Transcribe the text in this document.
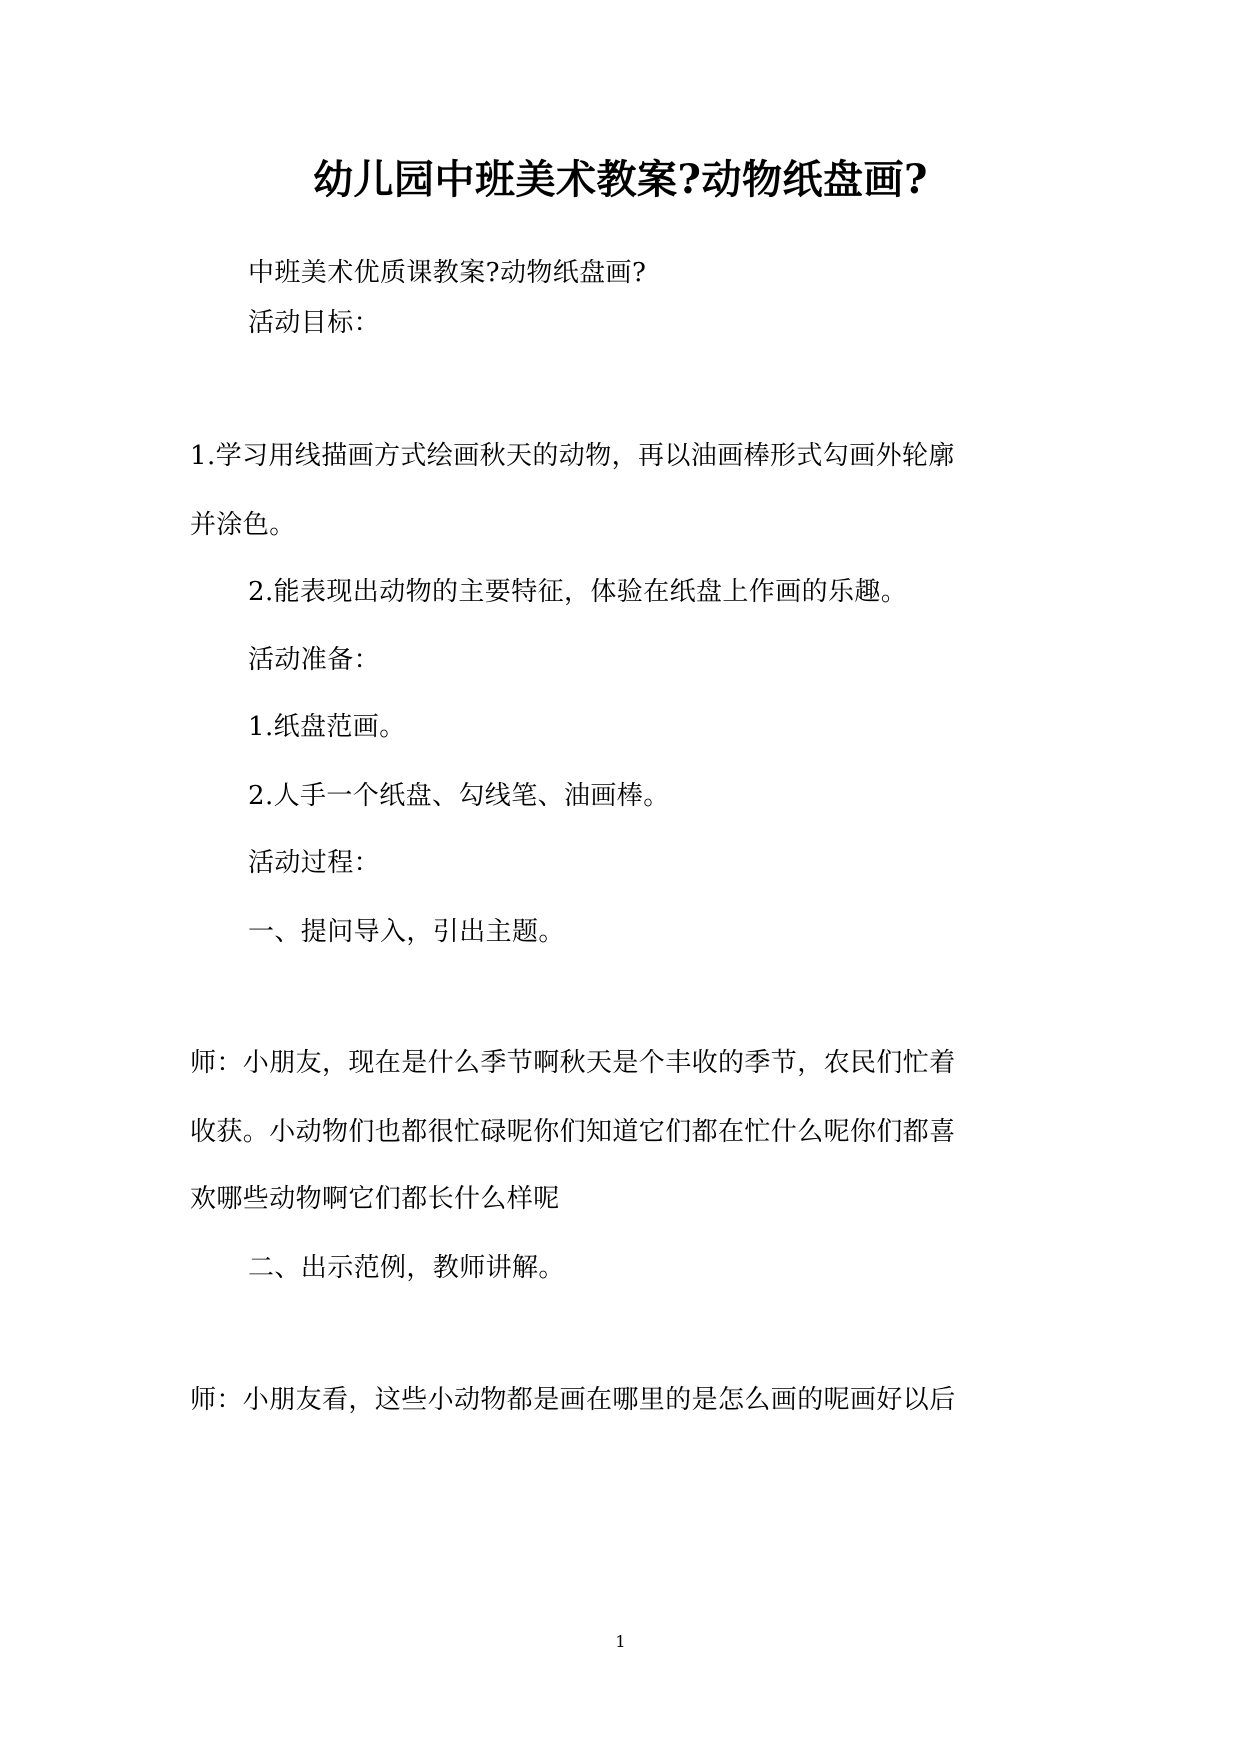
幼儿园中班美术教案?动物纸盘画?
中班美术优质课教案?动物纸盘画?
活动目标：
1.学习用线描画方式绘画秋天的动物，再以油画棒形式勾画外轮廓
并涂色。
2.能表现出动物的主要特征，体验在纸盘上作画的乐趣。
活动准备：
1.纸盘范画。
2.人手一个纸盘、勾线笔、油画棒。
活动过程：
一、提问导入，引出主题。
师：小朋友，现在是什么季节啊秋天是个丰收的季节，农民们忙着
收获。小动物们也都很忙碌呢你们知道它们都在忙什么呢你们都喜
欢哪些动物啊它们都长什么样呢
二、出示范例，教师讲解。
师：小朋友看，这些小动物都是画在哪里的是怎么画的呢画好以后
1
